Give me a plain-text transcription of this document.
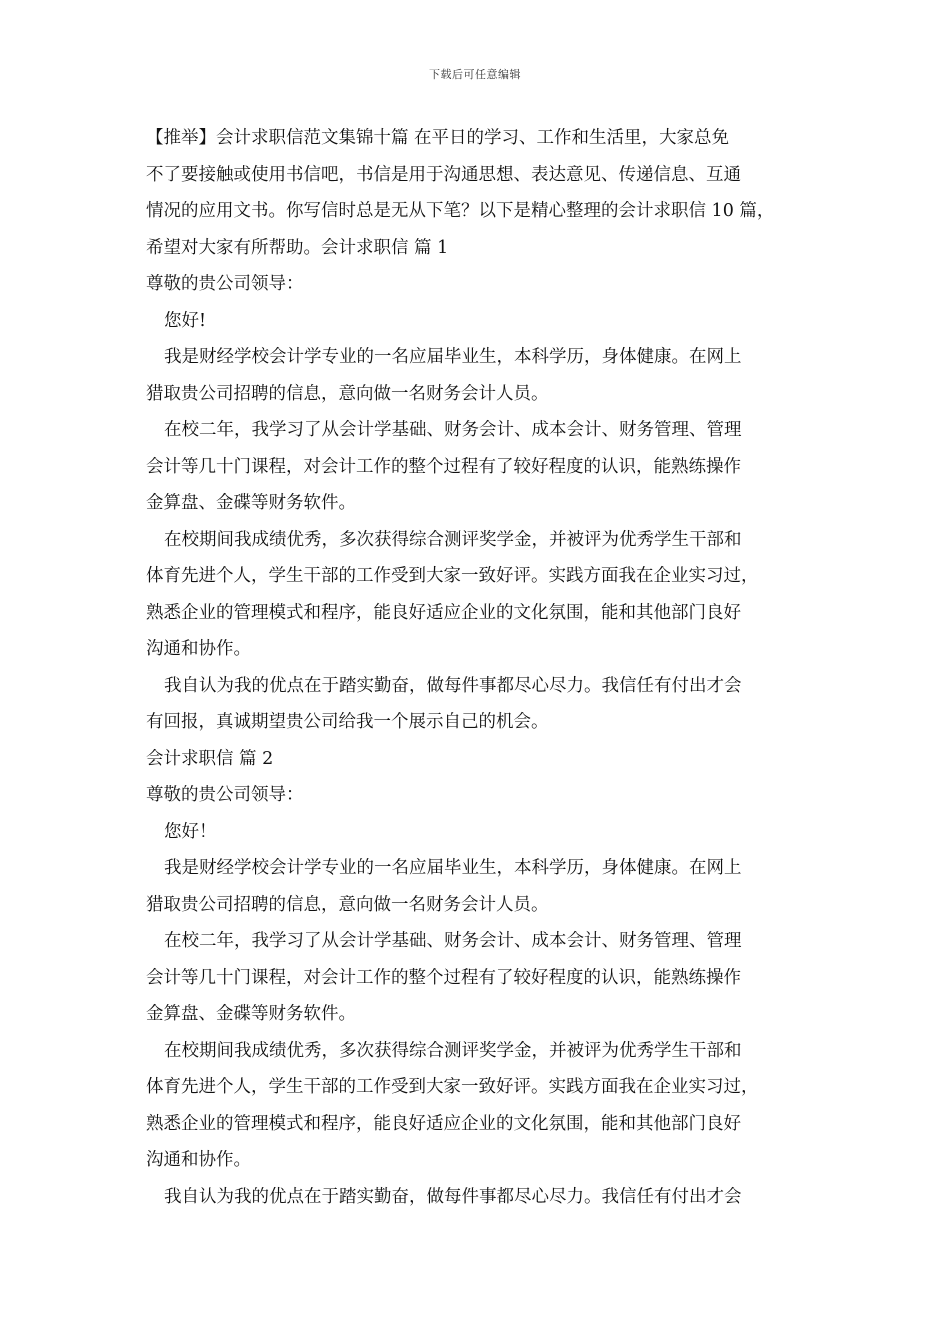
下载后可任意编辑
【推举】会计求职信范文集锦十篇 在平日的学习、工作和生活里，大家总免
不了要接触或使用书信吧，书信是用于沟通思想、表达意见、传递信息、互通
情况的应用文书。你写信时总是无从下笔？以下是精心整理的会计求职信 10 篇，
希望对大家有所帮助。会计求职信 篇 1
尊敬的贵公司领导：
您好!
我是财经学校会计学专业的一名应届毕业生，本科学历，身体健康。在网上
猎取贵公司招聘的信息，意向做一名财务会计人员。
在校二年，我学习了从会计学基础、财务会计、成本会计、财务管理、管理
会计等几十门课程，对会计工作的整个过程有了较好程度的认识，能熟练操作
金算盘、金碟等财务软件。
在校期间我成绩优秀，多次获得综合测评奖学金，并被评为优秀学生干部和
体育先进个人，学生干部的工作受到大家一致好评。实践方面我在企业实习过，
熟悉企业的管理模式和程序，能良好适应企业的文化氛围，能和其他部门良好
沟通和协作。
我自认为我的优点在于踏实勤奋，做每件事都尽心尽力。我信任有付出才会
有回报，真诚期望贵公司给我一个展示自己的机会。
会计求职信 篇 2
尊敬的贵公司领导：
您好！
我是财经学校会计学专业的一名应届毕业生，本科学历，身体健康。在网上
猎取贵公司招聘的信息，意向做一名财务会计人员。
在校二年，我学习了从会计学基础、财务会计、成本会计、财务管理、管理
会计等几十门课程，对会计工作的整个过程有了较好程度的认识，能熟练操作
金算盘、金碟等财务软件。
在校期间我成绩优秀，多次获得综合测评奖学金，并被评为优秀学生干部和
体育先进个人，学生干部的工作受到大家一致好评。实践方面我在企业实习过，
熟悉企业的管理模式和程序，能良好适应企业的文化氛围，能和其他部门良好
沟通和协作。
我自认为我的优点在于踏实勤奋，做每件事都尽心尽力。我信任有付出才会
